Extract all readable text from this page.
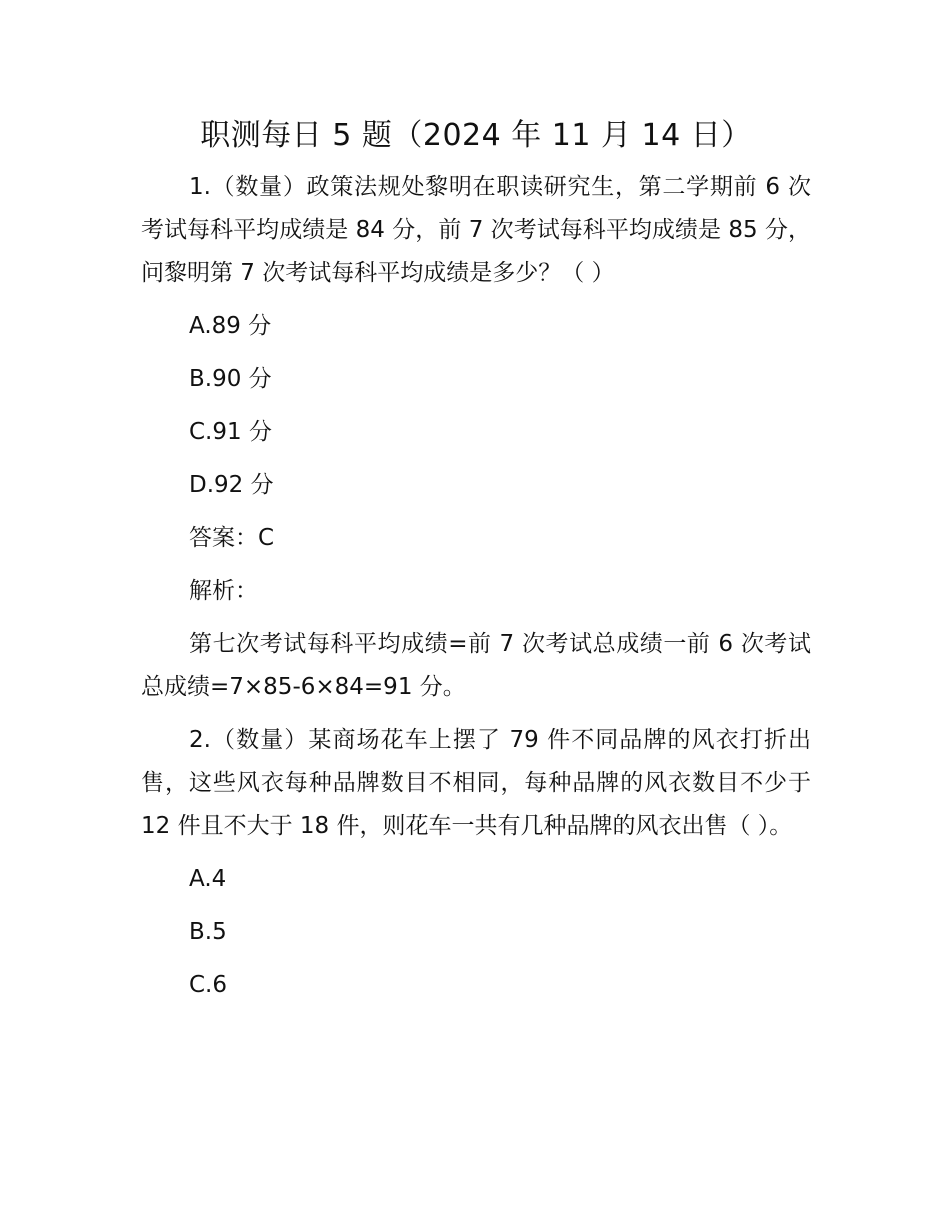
职测每日 5 题（2024 年 11 月 14 日）
1.（数量）政策法规处黎明在职读研究生，第二学期前 6 次考试每科平均成绩是 84 分，前 7 次考试每科平均成绩是 85 分，问黎明第 7 次考试每科平均成绩是多少？（ ）
A.89 分
B.90 分
C.91 分
D.92 分
答案：C
解析：
第七次考试每科平均成绩=前 7 次考试总成绩一前 6 次考试总成绩=7×85-6×84=91 分。
2.（数量）某商场花车上摆了 79 件不同品牌的风衣打折出售，这些风衣每种品牌数目不相同，每种品牌的风衣数目不少于 12 件且不大于 18 件，则花车一共有几种品牌的风衣出售（ ）。
A.4
B.5
C.6
